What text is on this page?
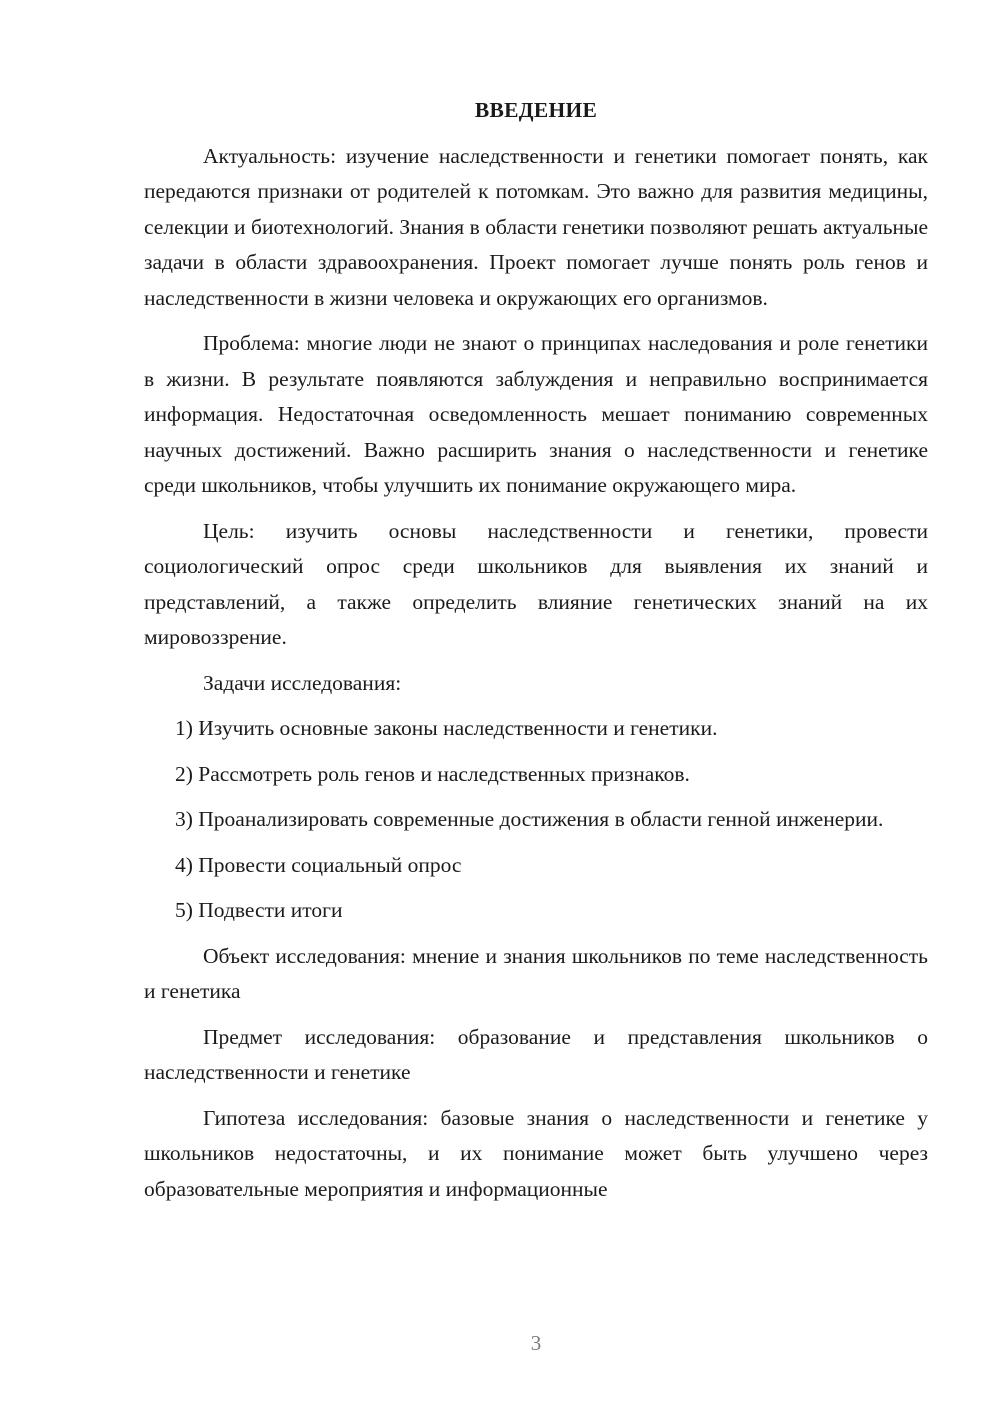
ВВЕДЕНИЕ

Актуальность: изучение наследственности и генетики помогает понять, как передаются признаки от родителей к потомкам. Это важно для развития медицины, селекции и биотехнологий. Знания в области генетики позволяют решать актуальные задачи в области здравоохранения. Проект помогает лучше понять роль генов и наследственности в жизни человека и окружающих его организмов.

Проблема: многие люди не знают о принципах наследования и роле генетики в жизни. В результате появляются заблуждения и неправильно воспринимается информация. Недостаточная осведомленность мешает пониманию современных научных достижений. Важно расширить знания о наследственности и генетике среди школьников, чтобы улучшить их понимание окружающего мира.

Цель: изучить основы наследственности и генетики, провести социологический опрос среди школьников для выявления их знаний и представлений, а также определить влияние генетических знаний на их мировоззрение.

Задачи исследования:

1) Изучить основные законы наследственности и генетики.

2) Рассмотреть роль генов и наследственных признаков.

3) Проанализировать современные достижения в области генной инженерии.

4) Провести социальный опрос

5) Подвести итоги

Объект исследования: мнение и знания школьников по теме наследственность и генетика

Предмет исследования: образование и представления школьников о наследственности и генетике

Гипотеза исследования: базовые знания о наследственности и генетике у школьников недостаточны, и их понимание может быть улучшено через образовательные мероприятия и информационные

3
